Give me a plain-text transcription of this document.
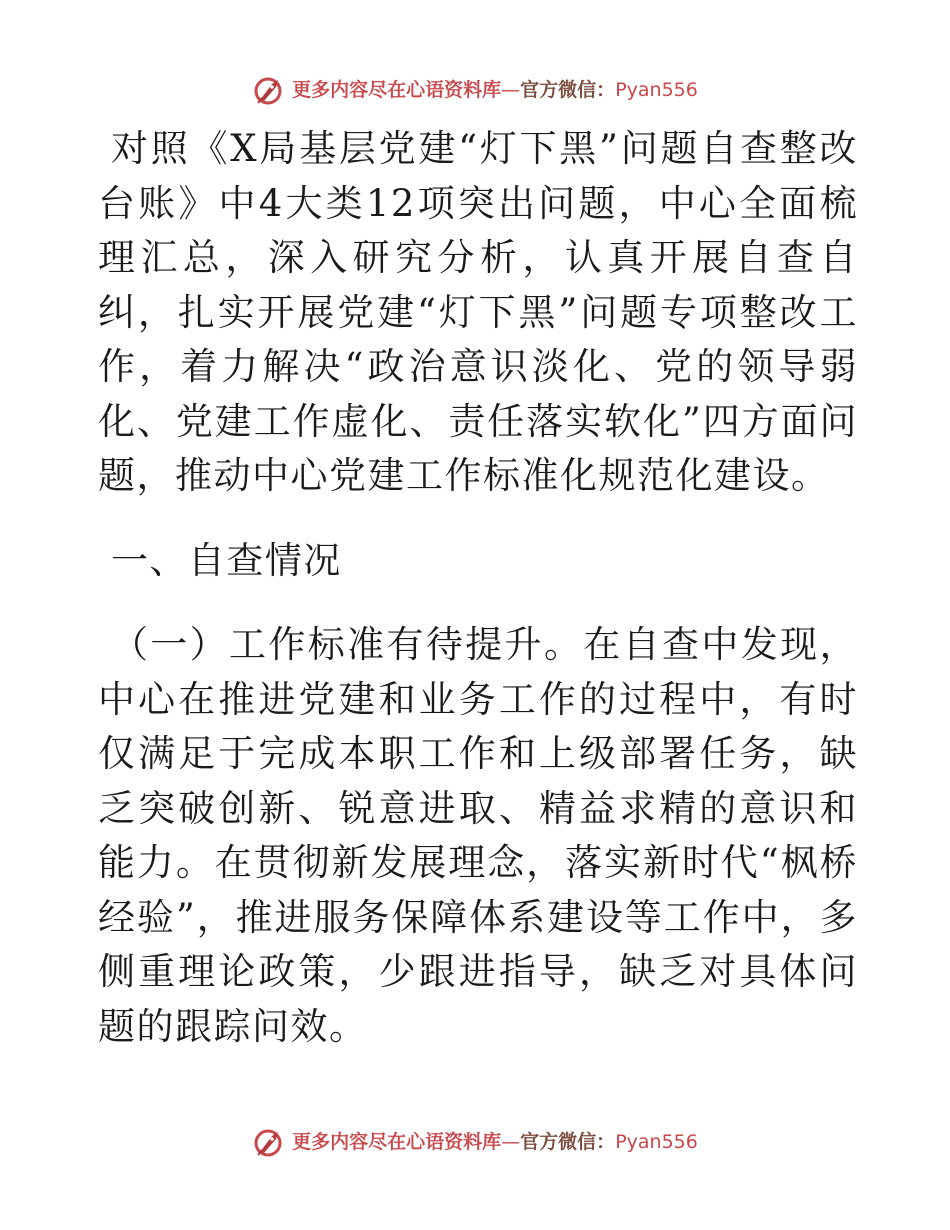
更多内容尽在心语资料库 — 官方微信： Pyan556

对照《X局基层党建“灯下黑”问题自查整改台账》中4大类12项突出问题，中心全面梳理汇总，深入研究分析，认真开展自查自纠，扎实开展党建“灯下黑”问题专项整改工作，着力解决“政治意识淡化、党的领导弱化、党建工作虚化、责任落实软化”四方面问题，推动中心党建工作标准化规范化建设。

一、自查情况

（一）工作标准有待提升。在自查中发现，中心在推进党建和业务工作的过程中，有时仅满足于完成本职工作和上级部署任务，缺乏突破创新、锐意进取、精益求精的意识和能力。在贯彻新发展理念，落实新时代“枫桥经验”，推进服务保障体系建设等工作中，多侧重理论政策，少跟进指导，缺乏对具体问题的跟踪问效。

更多内容尽在心语资料库 — 官方微信： Pyan556
